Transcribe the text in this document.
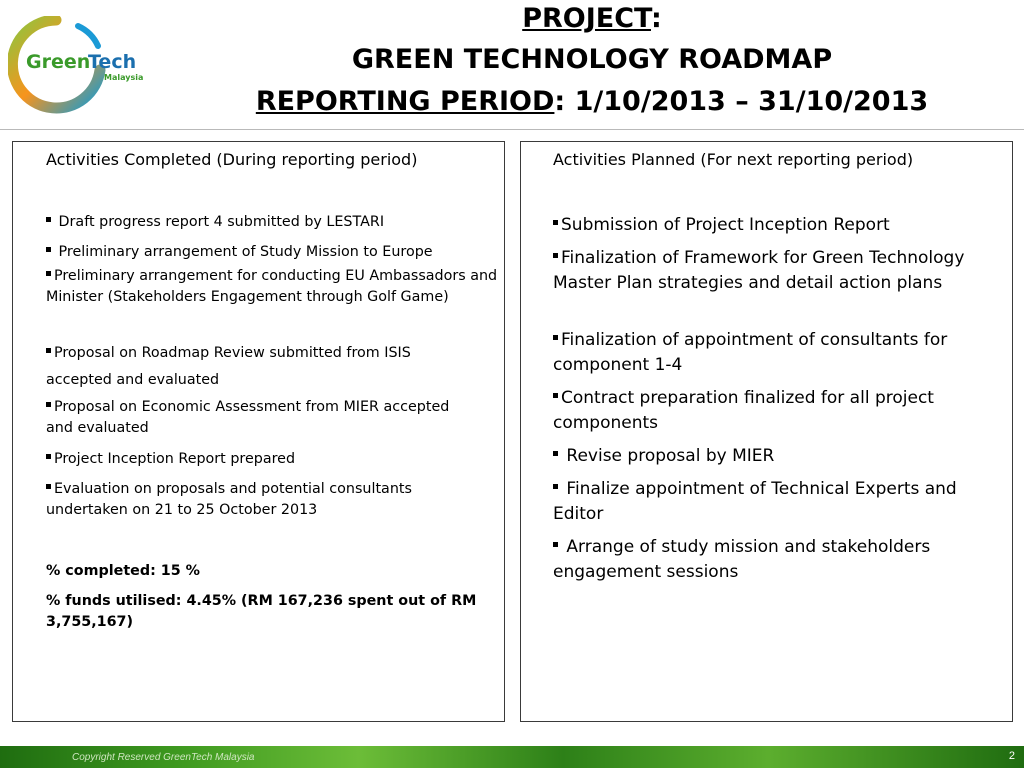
Green
Tech
Malaysia
PROJECT:
GREEN TECHNOLOGY ROADMAP
REPORTING PERIOD: 1/10/2013 – 31/10/2013
Activities Completed (During reporting period)
Draft progress report 4 submitted by LESTARI
Preliminary arrangement of Study Mission to Europe
Preliminary arrangement for conducting EU Ambassadors and Minister (Stakeholders Engagement through Golf Game)
Proposal on Roadmap Review submitted from ISIS accepted and evaluated
Proposal on Economic Assessment from MIER accepted and evaluated
Project Inception Report prepared
Evaluation on proposals and potential consultants undertaken on 21 to 25 October 2013
% completed: 15 %
% funds utilised: 4.45% (RM 167,236 spent out of RM 3,755,167)
Activities Planned (For next reporting period)
Submission of Project Inception Report
Finalization of Framework for Green Technology Master Plan strategies and detail action plans
Finalization of appointment of consultants for component 1-4
Contract preparation finalized for all project components
Revise proposal by MIER
Finalize appointment of Technical Experts and Editor
Arrange of study mission and stakeholders engagement sessions
Copyright Reserved GreenTech Malaysia	2
